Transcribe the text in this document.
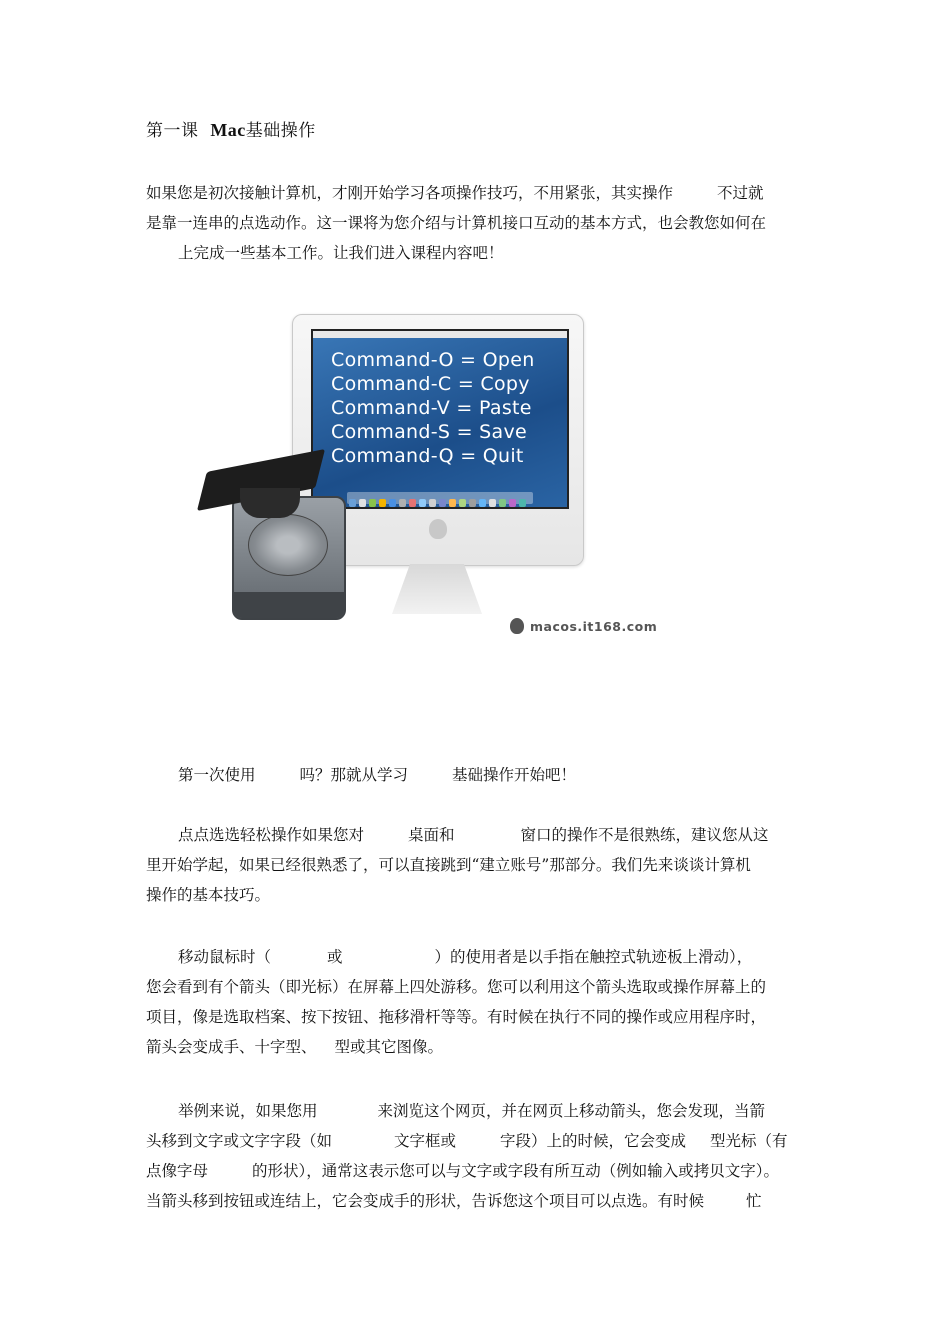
第一课 Mac基础操作

如果您是初次接触计算机，才刚开始学习各项操作技巧，不用紧张，其实操作	不过就
是靠一连串的点选动作。这一课将为您介绍与计算机接口互动的基本方式，也会教您如何在
上完成一些基本工作。让我们进入课程内容吧！

Command-O = Open
Command-C = Copy
Command-V = Paste
Command-S = Save
Command-Q = Quit
macos.it168.com

第一次使用	吗？那就从学习	基础操作开始吧！

点点选选轻松操作如果您对	桌面和	窗口的操作不是很熟练，建议您从这
里开始学起，如果已经很熟悉了，可以直接跳到“建立账号”那部分。我们先来谈谈计算机
操作的基本技巧。

移动鼠标时（	或	）的使用者是以手指在触控式轨迹板上滑动），
您会看到有个箭头（即光标）在屏幕上四处游移。您可以利用这个箭头选取或操作屏幕上的
项目，像是选取档案、按下按钮、拖移滑杆等等。有时候在执行不同的操作或应用程序时，
箭头会变成手、十字型、 型或其它图像。

举例来说，如果您用	来浏览这个网页，并在网页上移动箭头，您会发现，当箭
头移到文字或文字字段（如	文字框或	字段）上的时候，它会变成 型光标（有
点像字母	的形状），通常这表示您可以与文字或字段有所互动（例如输入或拷贝文字）。
当箭头移到按钮或连结上，它会变成手的形状，告诉您这个项目可以点选。有时候	忙
